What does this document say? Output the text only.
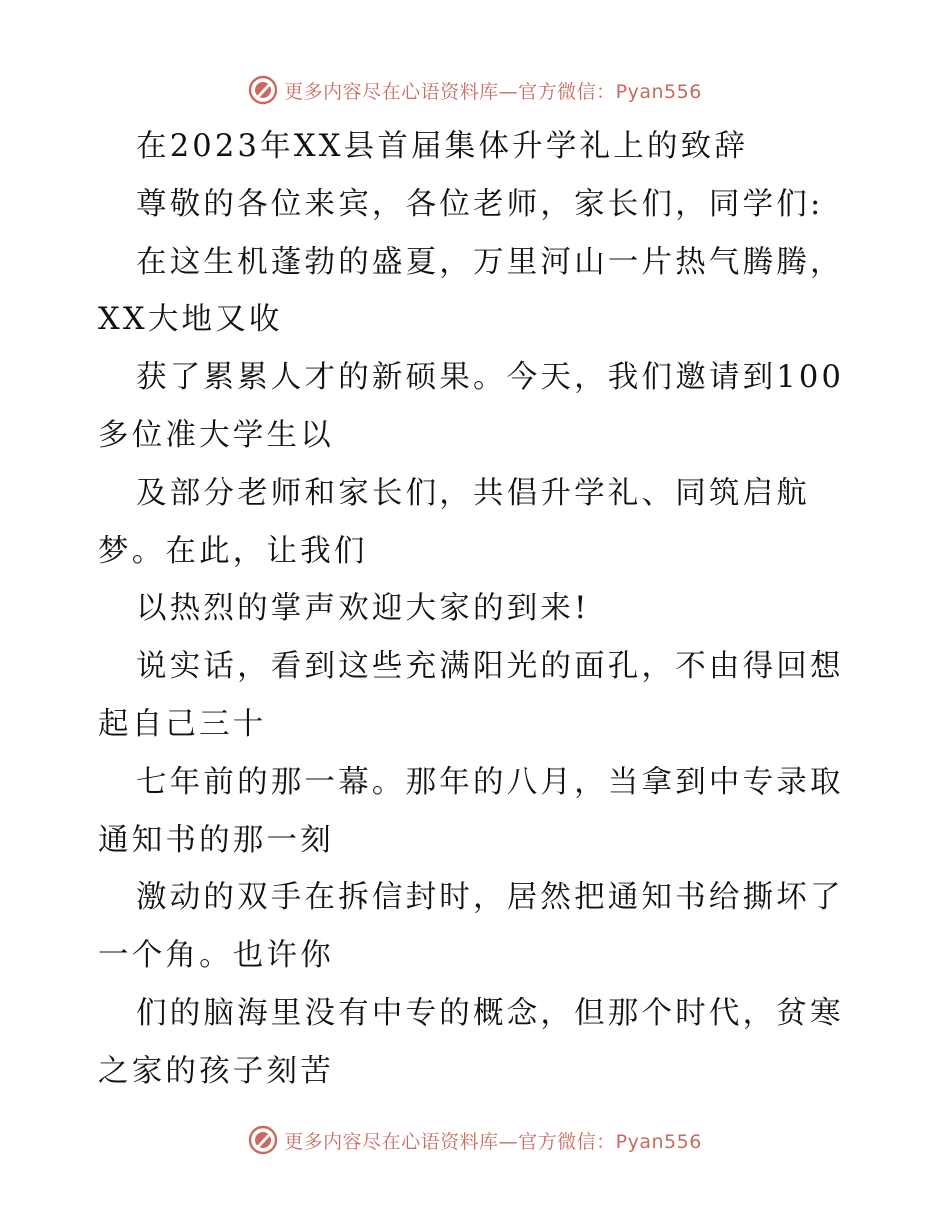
更多内容尽在心语资料库—官方微信：Pyan556
在2023年XX县首届集体升学礼上的致辞
尊敬的各位来宾，各位老师，家长们，同学们:
在这生机蓬勃的盛夏，万里河山一片热气腾腾，
XX大地又收
获了累累人才的新硕果。今天，我们邀请到100
多位准大学生以
及部分老师和家长们，共倡升学礼、同筑启航
梦。在此，让我们
以热烈的掌声欢迎大家的到来!
说实话，看到这些充满阳光的面孔，不由得回想
起自己三十
七年前的那一幕。那年的八月，当拿到中专录取
通知书的那一刻
激动的双手在拆信封时，居然把通知书给撕坏了
一个角。也许你
们的脑海里没有中专的概念，但那个时代，贫寒
之家的孩子刻苦
更多内容尽在心语资料库—官方微信：Pyan556
